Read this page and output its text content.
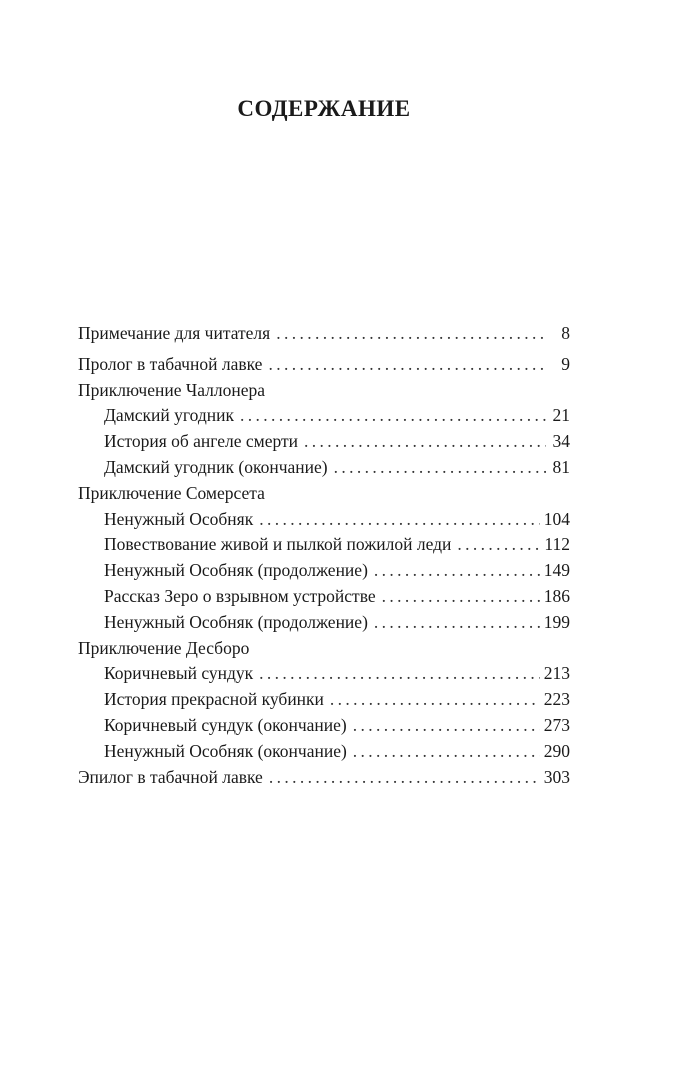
СОДЕРЖАНИЕ
Примечание для читателя . . .	8
Пролог в табачной лавке . . .	9
Приключение Чаллонера
Дамский угодник . . .	21
История об ангеле смерти . . .	34
Дамский угодник (окончание) . . .	81
Приключение Сомерсета
Ненужный Особняк . . .	104
Повествование живой и пылкой пожилой леди . . .	112
Ненужный Особняк (продолжение) . . .	149
Рассказ Зеро о взрывном устройстве . . .	186
Ненужный Особняк (продолжение) . . .	199
Приключение Десборо
Коричневый сундук . . .	213
История прекрасной кубинки . . .	223
Коричневый сундук (окончание) . . .	273
Ненужный Особняк (окончание) . . .	290
Эпилог в табачной лавке . . .	303
